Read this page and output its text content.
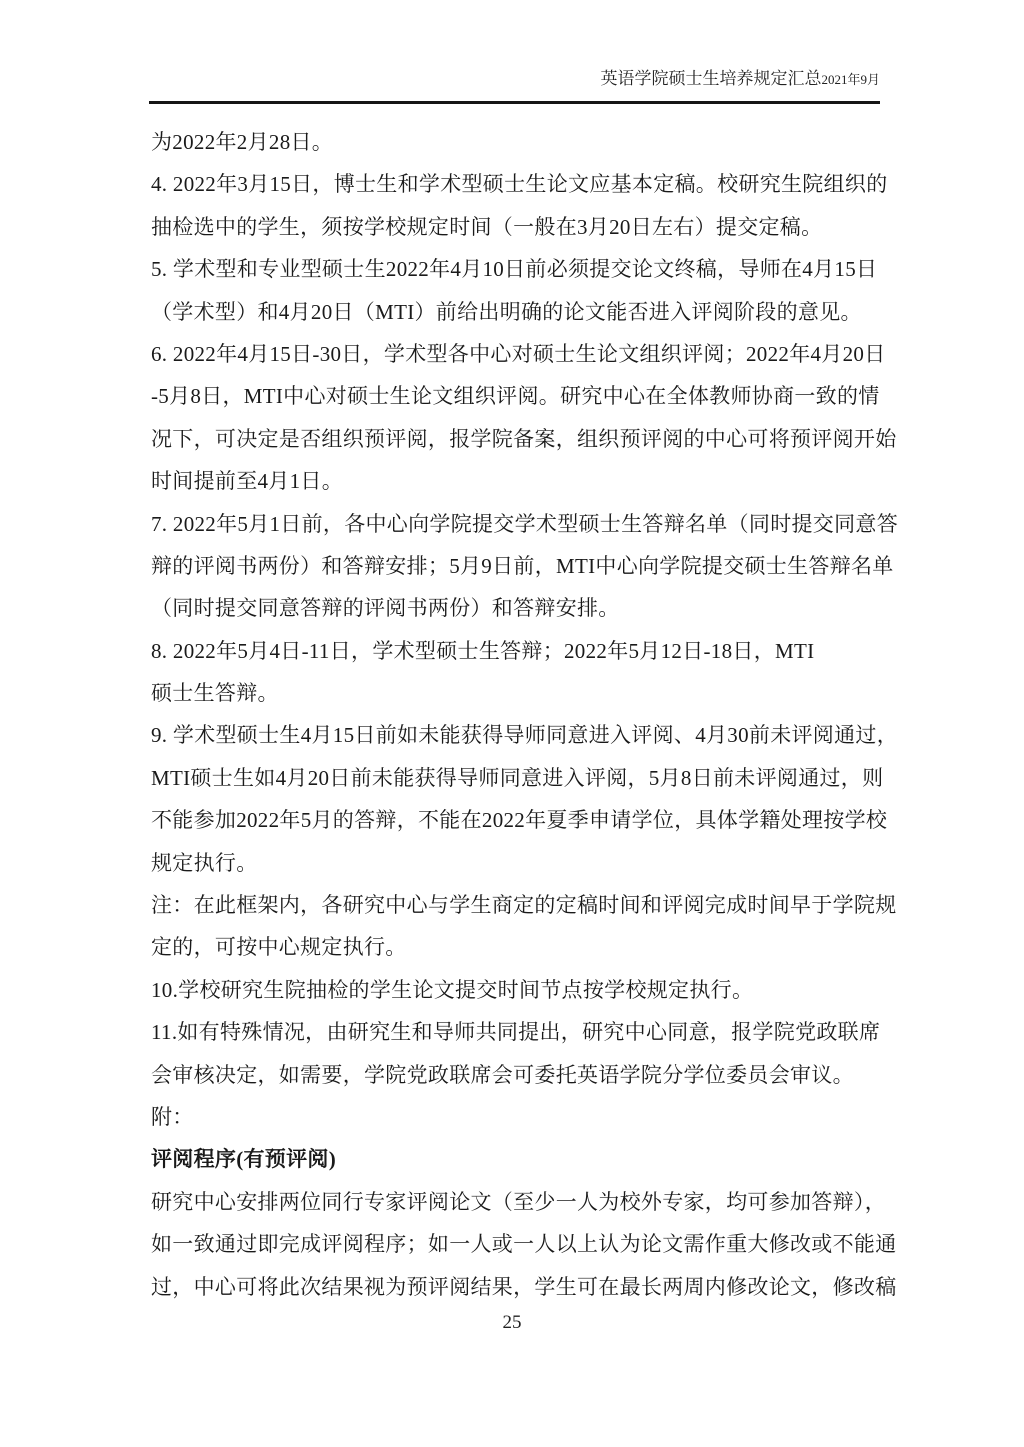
英语学院硕士生培养规定汇总2021年9月
为2022年2月28日。
4. 2022年3月15日，博士生和学术型硕士生论文应基本定稿。校研究生院组织的
抽检选中的学生，须按学校规定时间（一般在3月20日左右）提交定稿。
5. 学术型和专业型硕士生2022年4月10日前必须提交论文终稿，导师在4月15日
（学术型）和4月20日（MTI）前给出明确的论文能否进入评阅阶段的意见。
6. 2022年4月15日-30日，学术型各中心对硕士生论文组织评阅；2022年4月20日
-5月8日，MTI中心对硕士生论文组织评阅。研究中心在全体教师协商一致的情
况下，可决定是否组织预评阅，报学院备案，组织预评阅的中心可将预评阅开始
时间提前至4月1日。
7. 2022年5月1日前，各中心向学院提交学术型硕士生答辩名单（同时提交同意答
辩的评阅书两份）和答辩安排；5月9日前，MTI中心向学院提交硕士生答辩名单
（同时提交同意答辩的评阅书两份）和答辩安排。
8. 2022年5月4日-11日，学术型硕士生答辩；2022年5月12日-18日，MTI
硕士生答辩。
9. 学术型硕士生4月15日前如未能获得导师同意进入评阅、4月30前未评阅通过，
MTI硕士生如4月20日前未能获得导师同意进入评阅，5月8日前未评阅通过，则
不能参加2022年5月的答辩，不能在2022年夏季申请学位，具体学籍处理按学校
规定执行。
注：在此框架内，各研究中心与学生商定的定稿时间和评阅完成时间早于学院规
定的，可按中心规定执行。
10.学校研究生院抽检的学生论文提交时间节点按学校规定执行。
11.如有特殊情况，由研究生和导师共同提出，研究中心同意，报学院党政联席
会审核决定，如需要，学院党政联席会可委托英语学院分学位委员会审议。
附：
评阅程序(有预评阅)
研究中心安排两位同行专家评阅论文（至少一人为校外专家，均可参加答辩），
如一致通过即完成评阅程序；如一人或一人以上认为论文需作重大修改或不能通
过，中心可将此次结果视为预评阅结果，学生可在最长两周内修改论文，修改稿
25
